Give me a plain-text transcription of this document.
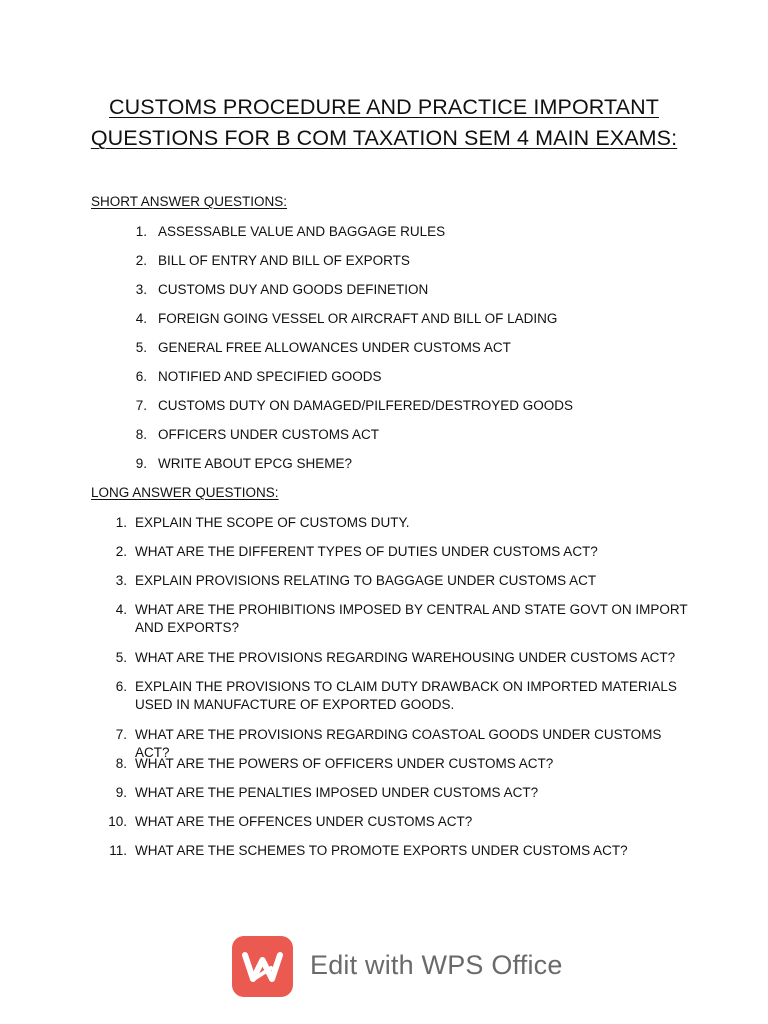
CUSTOMS PROCEDURE AND PRACTICE IMPORTANT
QUESTIONS FOR B COM TAXATION SEM 4 MAIN EXAMS:
SHORT ANSWER QUESTIONS:
1. ASSESSABLE VALUE AND BAGGAGE RULES
2. BILL OF ENTRY AND BILL OF EXPORTS
3. CUSTOMS DUY AND GOODS DEFINETION
4. FOREIGN GOING VESSEL OR AIRCRAFT AND BILL OF LADING
5. GENERAL FREE ALLOWANCES UNDER CUSTOMS ACT
6. NOTIFIED AND SPECIFIED GOODS
7. CUSTOMS DUTY ON DAMAGED/PILFERED/DESTROYED GOODS
8. OFFICERS UNDER CUSTOMS ACT
9. WRITE ABOUT EPCG SHEME?
LONG ANSWER QUESTIONS:
1. EXPLAIN THE SCOPE OF CUSTOMS DUTY.
2. WHAT ARE THE DIFFERENT TYPES OF DUTIES UNDER CUSTOMS ACT?
3. EXPLAIN PROVISIONS RELATING TO BAGGAGE UNDER CUSTOMS ACT
4. WHAT ARE THE PROHIBITIONS IMPOSED BY CENTRAL AND STATE GOVT ON IMPORT AND EXPORTS?
5. WHAT ARE THE PROVISIONS REGARDING WAREHOUSING UNDER CUSTOMS ACT?
6. EXPLAIN THE PROVISIONS TO CLAIM DUTY DRAWBACK ON IMPORTED MATERIALS USED IN MANUFACTURE OF EXPORTED GOODS.
7. WHAT ARE THE PROVISIONS REGARDING COASTOAL GOODS UNDER CUSTOMS ACT?
8. WHAT ARE THE POWERS OF OFFICERS UNDER CUSTOMS ACT?
9. WHAT ARE THE PENALTIES IMPOSED UNDER CUSTOMS ACT?
10. WHAT ARE THE OFFENCES UNDER CUSTOMS ACT?
11. WHAT ARE THE SCHEMES TO PROMOTE EXPORTS UNDER CUSTOMS ACT?
Edit with WPS Office
